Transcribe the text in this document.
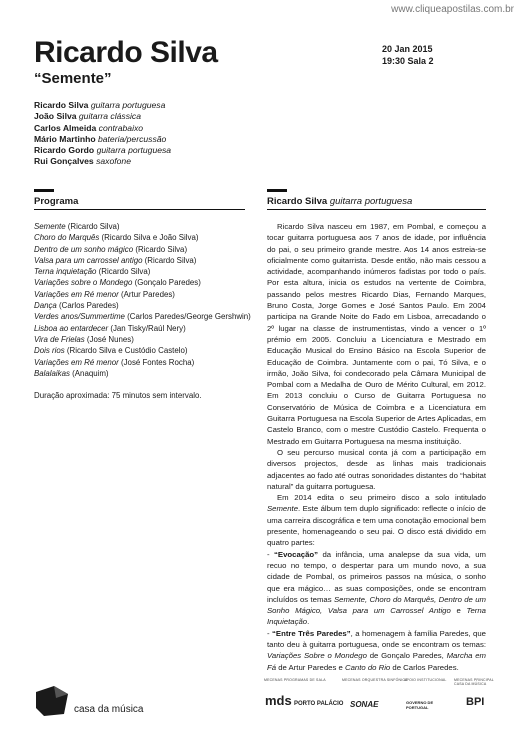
www.cliqueapostilas.com.br
Ricardo Silva
“Semente”
20 Jan 2015
19:30 Sala 2
Ricardo Silva guitarra portuguesa
João Silva guitarra clássica
Carlos Almeida contrabaixo
Mário Martinho bateria/percussão
Ricardo Gordo guitarra portuguesa
Rui Gonçalves saxofone
Programa	Ricardo Silva guitarra portuguesa
Semente (Ricardo Silva)
Choro do Marquês (Ricardo Silva e João Silva)
Dentro de um sonho mágico (Ricardo Silva)
Valsa para um carrossel antigo (Ricardo Silva)
Terna inquietação (Ricardo Silva)
Variações sobre o Mondego (Gonçalo Paredes)
Variações em Ré menor (Artur Paredes)
Dança (Carlos Paredes)
Verdes anos/Summertime (Carlos Paredes/George Gershwin)
Lisboa ao entardecer (Jan Tisky/Raúl Nery)
Vira de Frielas (José Nunes)
Dois rios (Ricardo Silva e Custódio Castelo)
Variações em Ré menor (José Fontes Rocha)
Balalaikas (Anaquim)
Duração aproximada: 75 minutos sem intervalo.

Ricardo Silva nasceu em 1987, em Pombal, e começou a tocar guitarra portuguesa aos 7 anos de idade, por influência do pai, o seu primeiro grande mestre. Aos 14 anos estreia-se oficialmente como guitarrista. Desde então, não mais cessou a actividade, acompanhando inúmeros fadistas por todo o país. Por esta altura, inicia os estudos na vertente de Coimbra, passando pelos mestres Ricardo Dias, Fernando Marques, Bruno Costa, Jorge Gomes e José Santos Paulo. Em 2004 participa na Grande Noite do Fado em Lisboa, arrecadando o 2º lugar na classe de instrumentistas, vindo a vencer o 1º prémio em 2005. Concluiu a Licenciatura e Mestrado em Educação Musical do Ensino Básico na Escola Superior de Educação de Coimbra. Juntamente com o pai, Tó Silva, e o irmão, João Silva, foi condecorado pela Câmara Municipal de Pombal com a Medalha de Ouro de Mérito Cultural, em 2012. Em 2013 concluiu o Curso de Guitarra Portuguesa no Conservatório de Música de Coimbra e a Licenciatura em Guitarra Portuguesa na Escola Superior de Artes Aplicadas, em Castelo Branco, com o mestre Custódio Castelo. Frequenta o Mestrado em Guitarra Portuguesa na mesma instituição.

O seu percurso musical conta já com a participação em diversos projectos, desde as linhas mais tradicionais adjacentes ao fado até outras sonoridades distantes do “habitat natural” da guitarra portuguesa.

Em 2014 edita o seu primeiro disco a solo intitulado Semente. Este álbum tem duplo significado: reflecte o início de uma carreira discográfica e tem uma conotação emocional bem presente, homenageando o seu pai. O disco está dividido em quatro partes:

- “Evocação” da infância, uma analepse da sua vida, um recuo no tempo, o despertar para um mundo novo, a sua cidade de Pombal, os primeiros passos na música, o sonho que era mágico… as suas composições, onde se encontram incluídos os temas Semente, Choro do Marquês, Dentro de um Sonho Mágico, Valsa para um Carrossel Antigo e Terna Inquietação.

- “Entre Três Paredes”, a homenagem à família Paredes, que tanto deu à guitarra portuguesa, onde se encontram os temas: Variações Sobre o Mondego de Gonçalo Paredes, Marcha em Fá de Artur Paredes e Canto do Rio de Carlos Paredes.

casa da música
MECENAS PROGRAMAS DE SALA	MECENAS ORQUESTRA SINFÓNICA
APOIO INSTITUCIONAL MECENAS PRINCIPAL CASA DA MÚSICA
mds PORTO PALÁCIO SONAE	GOVERNO DE PORTUGAL	BPI
